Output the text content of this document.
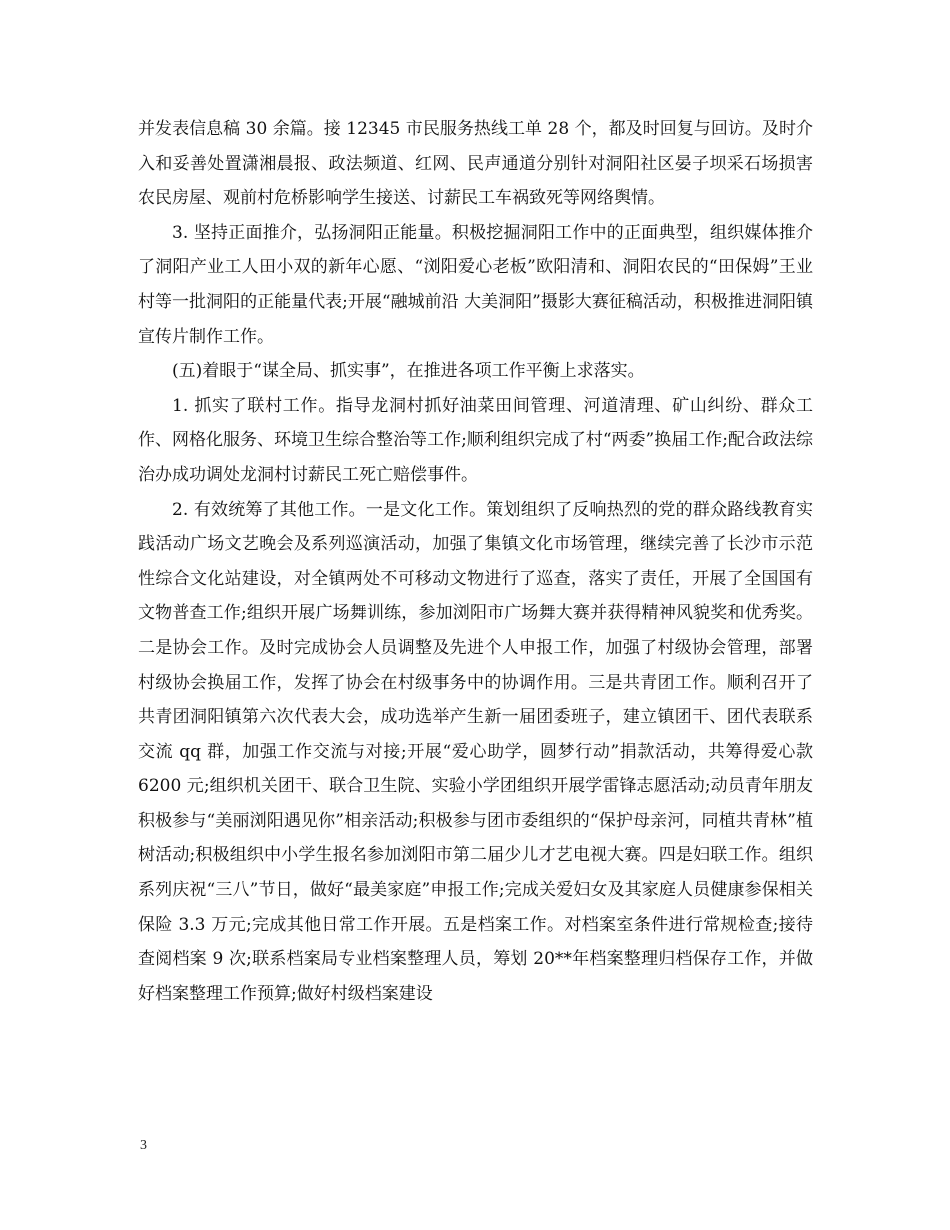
并发表信息稿 30 余篇。接 12345 市民服务热线工单 28 个，都及时回复与回访。及时介入和妥善处置潇湘晨报、政法频道、红网、民声通道分别针对洞阳社区晏子坝采石场损害农民房屋、观前村危桥影响学生接送、讨薪民工车祸致死等网络舆情。

3. 坚持正面推介，弘扬洞阳正能量。积极挖掘洞阳工作中的正面典型，组织媒体推介了洞阳产业工人田小双的新年心愿、“浏阳爱心老板”欧阳清和、洞阳农民的“田保姆”王业村等一批洞阳的正能量代表;开展“融城前沿 大美洞阳”摄影大赛征稿活动，积极推进洞阳镇宣传片制作工作。

(五)着眼于“谋全局、抓实事”，在推进各项工作平衡上求落实。

1. 抓实了联村工作。指导龙洞村抓好油菜田间管理、河道清理、矿山纠纷、群众工作、网格化服务、环境卫生综合整治等工作;顺利组织完成了村“两委”换届工作;配合政法综治办成功调处龙洞村讨薪民工死亡赔偿事件。

2. 有效统筹了其他工作。一是文化工作。策划组织了反响热烈的党的群众路线教育实践活动广场文艺晚会及系列巡演活动，加强了集镇文化市场管理，继续完善了长沙市示范性综合文化站建设，对全镇两处不可移动文物进行了巡查，落实了责任，开展了全国国有文物普查工作;组织开展广场舞训练，参加浏阳市广场舞大赛并获得精神风貌奖和优秀奖。二是协会工作。及时完成协会人员调整及先进个人申报工作，加强了村级协会管理，部署村级协会换届工作，发挥了协会在村级事务中的协调作用。三是共青团工作。顺利召开了共青团洞阳镇第六次代表大会，成功选举产生新一届团委班子，建立镇团干、团代表联系交流 qq 群，加强工作交流与对接;开展“爱心助学，圆梦行动”捐款活动，共筹得爱心款 6200 元;组织机关团干、联合卫生院、实验小学团组织开展学雷锋志愿活动;动员青年朋友积极参与“美丽浏阳遇见你”相亲活动;积极参与团市委组织的“保护母亲河，同植共青林”植树活动;积极组织中小学生报名参加浏阳市第二届少儿才艺电视大赛。四是妇联工作。组织系列庆祝“三八”节日，做好“最美家庭”申报工作;完成关爱妇女及其家庭人员健康参保相关保险 3.3 万元;完成其他日常工作开展。五是档案工作。对档案室条件进行常规检查;接待查阅档案 9 次;联系档案局专业档案整理人员，筹划 20**年档案整理归档保存工作，并做好档案整理工作预算;做好村级档案建设

3
